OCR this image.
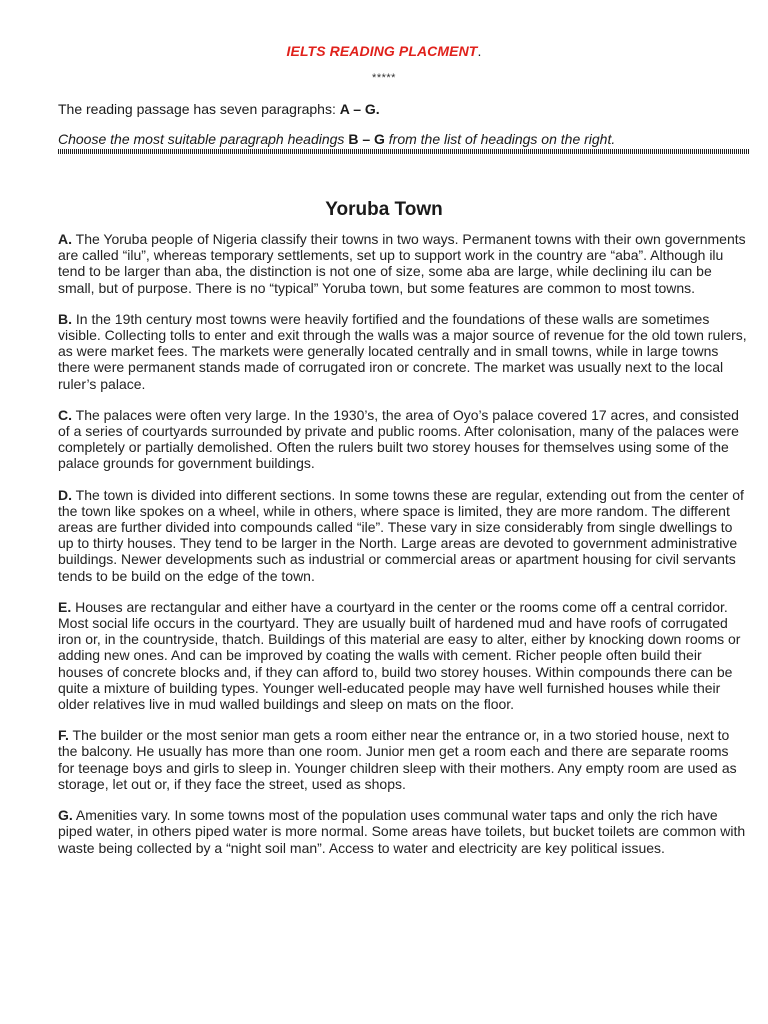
IELTS READING PLACMENT.
*****

The reading passage has seven paragraphs: A – G.

Choose the most suitable paragraph headings B – G from the list of headings on the right.

Yoruba Town

A. The Yoruba people of Nigeria classify their towns in two ways. Permanent towns with their own governments are called “ilu”, whereas temporary settlements, set up to support work in the country are “aba”. Although ilu tend to be larger than aba, the distinction is not one of size, some aba are large, while declining ilu can be small, but of purpose. There is no “typical” Yoruba town, but some features are common to most towns.

B. In the 19th century most towns were heavily fortified and the foundations of these walls are sometimes visible. Collecting tolls to enter and exit through the walls was a major source of revenue for the old town rulers, as were market fees. The markets were generally located centrally and in small towns, while in large towns there were permanent stands made of corrugated iron or concrete. The market was usually next to the local ruler’s palace.

C. The palaces were often very large. In the 1930’s, the area of Oyo’s palace covered 17 acres, and consisted of a series of courtyards surrounded by private and public rooms. After colonisation, many of the palaces were completely or partially demolished. Often the rulers built two storey houses for themselves using some of the palace grounds for government buildings.

D. The town is divided into different sections. In some towns these are regular, extending out from the center of the town like spokes on a wheel, while in others, where space is limited, they are more random. The different areas are further divided into compounds called “ile”. These vary in size considerably from single dwellings to up to thirty houses. They tend to be larger in the North. Large areas are devoted to government administrative buildings. Newer developments such as industrial or commercial areas or apartment housing for civil servants tends to be build on the edge of the town.

E. Houses are rectangular and either have a courtyard in the center or the rooms come off a central corridor. Most social life occurs in the courtyard. They are usually built of hardened mud and have roofs of corrugated iron or, in the countryside, thatch. Buildings of this material are easy to alter, either by knocking down rooms or adding new ones. And can be improved by coating the walls with cement. Richer people often build their houses of concrete blocks and, if they can afford to, build two storey houses. Within compounds there can be quite a mixture of building types. Younger well-educated people may have well furnished houses while their older relatives live in mud walled buildings and sleep on mats on the floor.

F. The builder or the most senior man gets a room either near the entrance or, in a two storied house, next to the balcony. He usually has more than one room. Junior men get a room each and there are separate rooms for teenage boys and girls to sleep in. Younger children sleep with their mothers. Any empty room are used as storage, let out or, if they face the street, used as shops.

G. Amenities vary. In some towns most of the population uses communal water taps and only the rich have piped water, in others piped water is more normal. Some areas have toilets, but bucket toilets are common with waste being collected by a “night soil man”. Access to water and electricity are key political issues.
